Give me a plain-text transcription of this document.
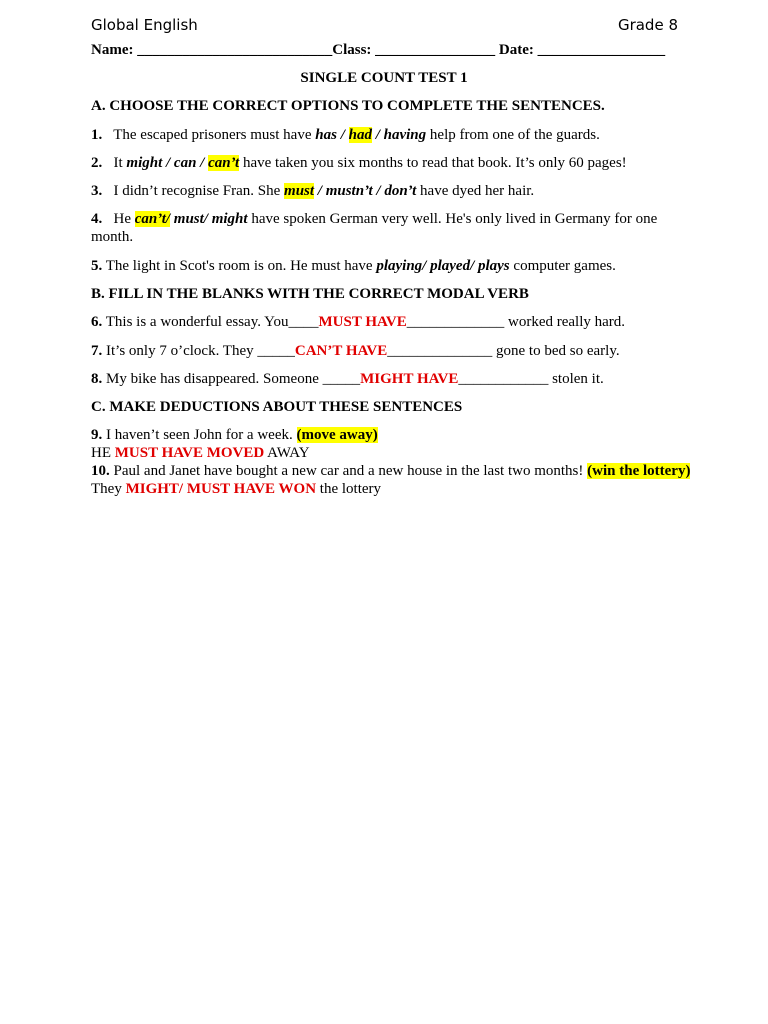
Global English	Grade 8
Name: __________________________Class: ________________ Date: _________________
SINGLE COUNT TEST 1
A. CHOOSE THE CORRECT OPTIONS TO COMPLETE THE SENTENCES.
1. The escaped prisoners must have has / had / having help from one of the guards.
2. It might / can / can’t have taken you six months to read that book. It’s only 60 pages!
3. I didn’t recognise Fran. She must / mustn’t / don’t have dyed her hair.
4. He can’t/ must/ might have spoken German very well. He's only lived in Germany for one month.
5. The light in Scot's room is on. He must have playing/ played/ plays computer games.
B. FILL IN THE BLANKS WITH THE CORRECT MODAL VERB
6. This is a wonderful essay. You____MUST HAVE_____________ worked really hard.
7. It’s only 7 o’clock. They _____CAN’T HAVE______________ gone to bed so early.
8. My bike has disappeared. Someone _____MIGHT HAVE____________ stolen it.
C. MAKE DEDUCTIONS ABOUT THESE SENTENCES
9. I haven’t seen John for a week. (move away)
HE MUST HAVE MOVED AWAY
10. Paul and Janet have bought a new car and a new house in the last two months! (win the lottery)
They MIGHT/ MUST HAVE WON the lottery
